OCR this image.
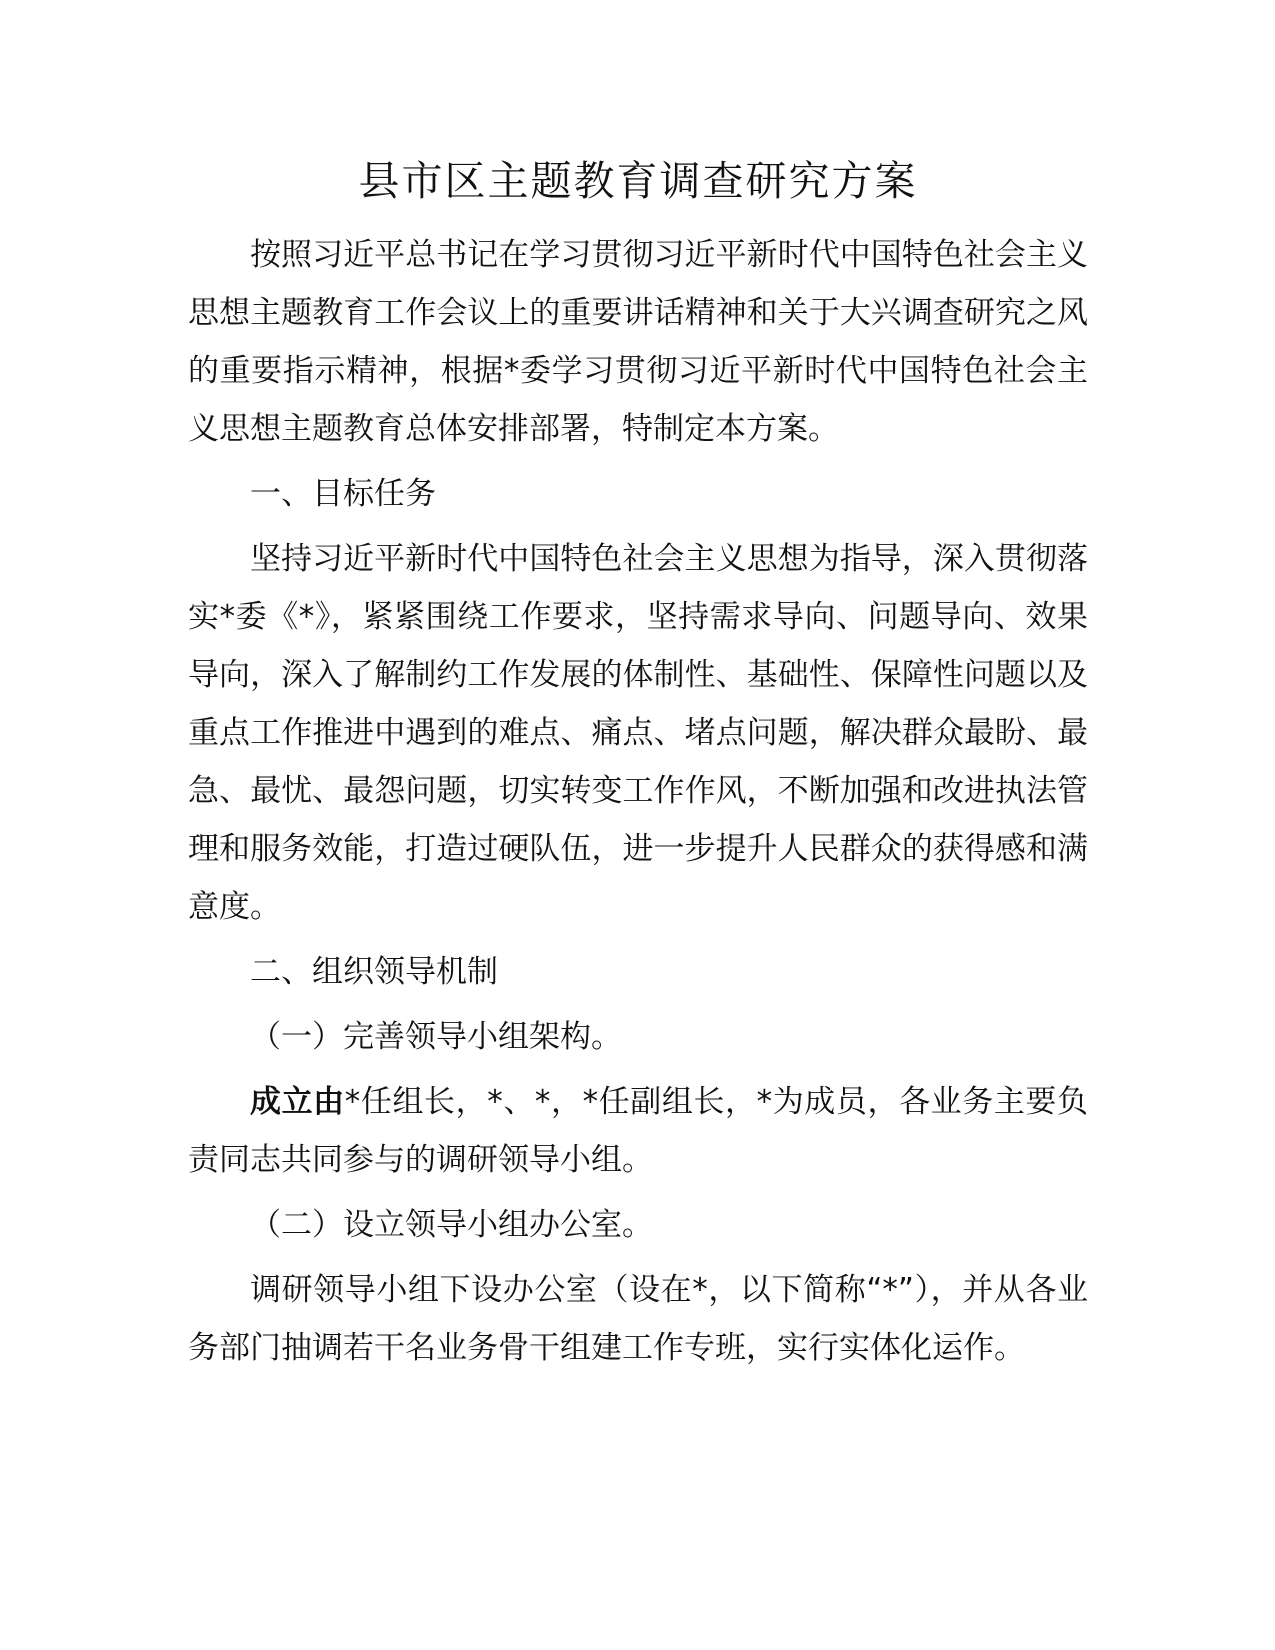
县市区主题教育调查研究方案

按照习近平总书记在学习贯彻习近平新时代中国特色社会主义思想主题教育工作会议上的重要讲话精神和关于大兴调查研究之风的重要指示精神，根据*委学习贯彻习近平新时代中国特色社会主义思想主题教育总体安排部署，特制定本方案。

一、目标任务

坚持习近平新时代中国特色社会主义思想为指导，深入贯彻落实*委《*》，紧紧围绕工作要求，坚持需求导向、问题导向、效果导向，深入了解制约工作发展的体制性、基础性、保障性问题以及重点工作推进中遇到的难点、痛点、堵点问题，解决群众最盼、最急、最忧、最怨问题，切实转变工作作风，不断加强和改进执法管理和服务效能，打造过硬队伍，进一步提升人民群众的获得感和满意度。

二、组织领导机制

（一）完善领导小组架构。

成立由*任组长，*、*，*任副组长，*为成员，各业务主要负责同志共同参与的调研领导小组。

（二）设立领导小组办公室。

调研领导小组下设办公室（设在*，以下简称“*”），并从各业务部门抽调若干名业务骨干组建工作专班，实行实体化运作。
